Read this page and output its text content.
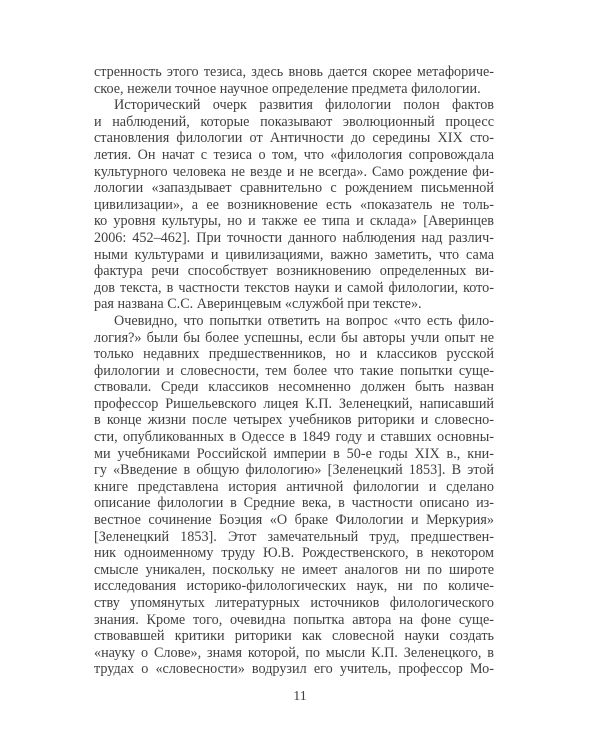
стренность этого тезиса, здесь вновь дается скорее метафориче-
ское, нежели точное научное определение предмета филологии.
Исторический очерк развития филологии полон фактов
и наблюдений, которые показывают эволюционный процесс
становления филологии от Античности до середины XIX сто-
летия. Он начат с тезиса о том, что «филология сопровождала
культурного человека не везде и не всегда». Само рождение фи-
лологии «запаздывает сравнительно с рождением письменной
цивилизации», а ее возникновение есть «показатель не толь-
ко уровня культуры, но и также ее типа и склада» [Аверинцев
2006: 452–462]. При точности данного наблюдения над различ-
ными культурами и цивилизациями, важно заметить, что сама
фактура речи способствует возникновению определенных ви-
дов текста, в частности текстов науки и самой филологии, кото-
рая названа С.С. Аверинцевым «службой при тексте».
Очевидно, что попытки ответить на вопрос «что есть фило-
логия?» были бы более успешны, если бы авторы учли опыт не
только недавних предшественников, но и классиков русской
филологии и словесности, тем более что такие попытки суще-
ствовали. Среди классиков несомненно должен быть назван
профессор Ришельевского лицея К.П. Зеленецкий, написавший
в конце жизни после четырех учебников риторики и словесно-
сти, опубликованных в Одессе в 1849 году и ставших основны-
ми учебниками Российской империи в 50-е годы XIX в., кни-
гу «Введение в общую филологию» [Зеленецкий 1853]. В этой
книге представлена история античной филологии и сделано
описание филологии в Средние века, в частности описано из-
вестное сочинение Боэция «О браке Филологии и Меркурия»
[Зеленецкий 1853]. Этот замечательный труд, предшествен-
ник одноименному труду Ю.В. Рождественского, в некотором
смысле уникален, поскольку не имеет аналогов ни по широте
исследования историко-филологических наук, ни по количе-
ству упомянутых литературных источников филологического
знания. Кроме того, очевидна попытка автора на фоне суще-
ствовавшей критики риторики как словесной науки создать
«науку о Слове», знамя которой, по мысли К.П. Зеленецкого, в
трудах о «словесности» водрузил его учитель, профессор Мо-
11
